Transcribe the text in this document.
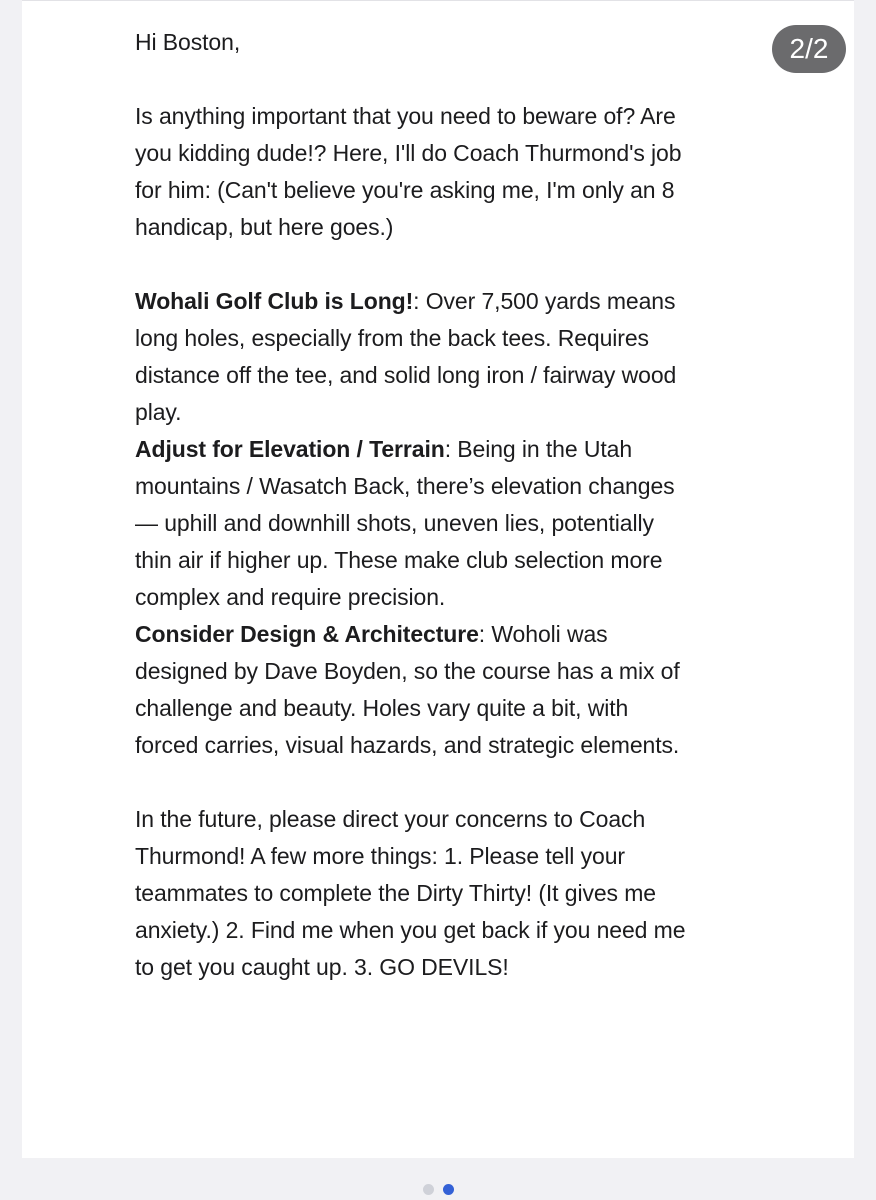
Hi Boston,

Is anything important that you need to beware of? Are you kidding dude!? Here, I'll do Coach Thurmond's job for him: (Can't believe you're asking me, I'm only an 8 handicap, but here goes.)

Wohali Golf Club is Long!: Over 7,500 yards means long holes, especially from the back tees. Requires distance off the tee, and solid long iron / fairway wood play.

Adjust for Elevation / Terrain: Being in the Utah mountains / Wasatch Back, there’s elevation changes — uphill and downhill shots, uneven lies, potentially thin air if higher up. These make club selection more complex and require precision.

Consider Design & Architecture: Woholi was designed by Dave Boyden, so the course has a mix of challenge and beauty. Holes vary quite a bit, with forced carries, visual hazards, and strategic elements.

In the future, please direct your concerns to Coach Thurmond! A few more things: 1. Please tell your teammates to complete the Dirty Thirty! (It gives me anxiety.) 2. Find me when you get back if you need me to get you caught up. 3. GO DEVILS!

2/2
